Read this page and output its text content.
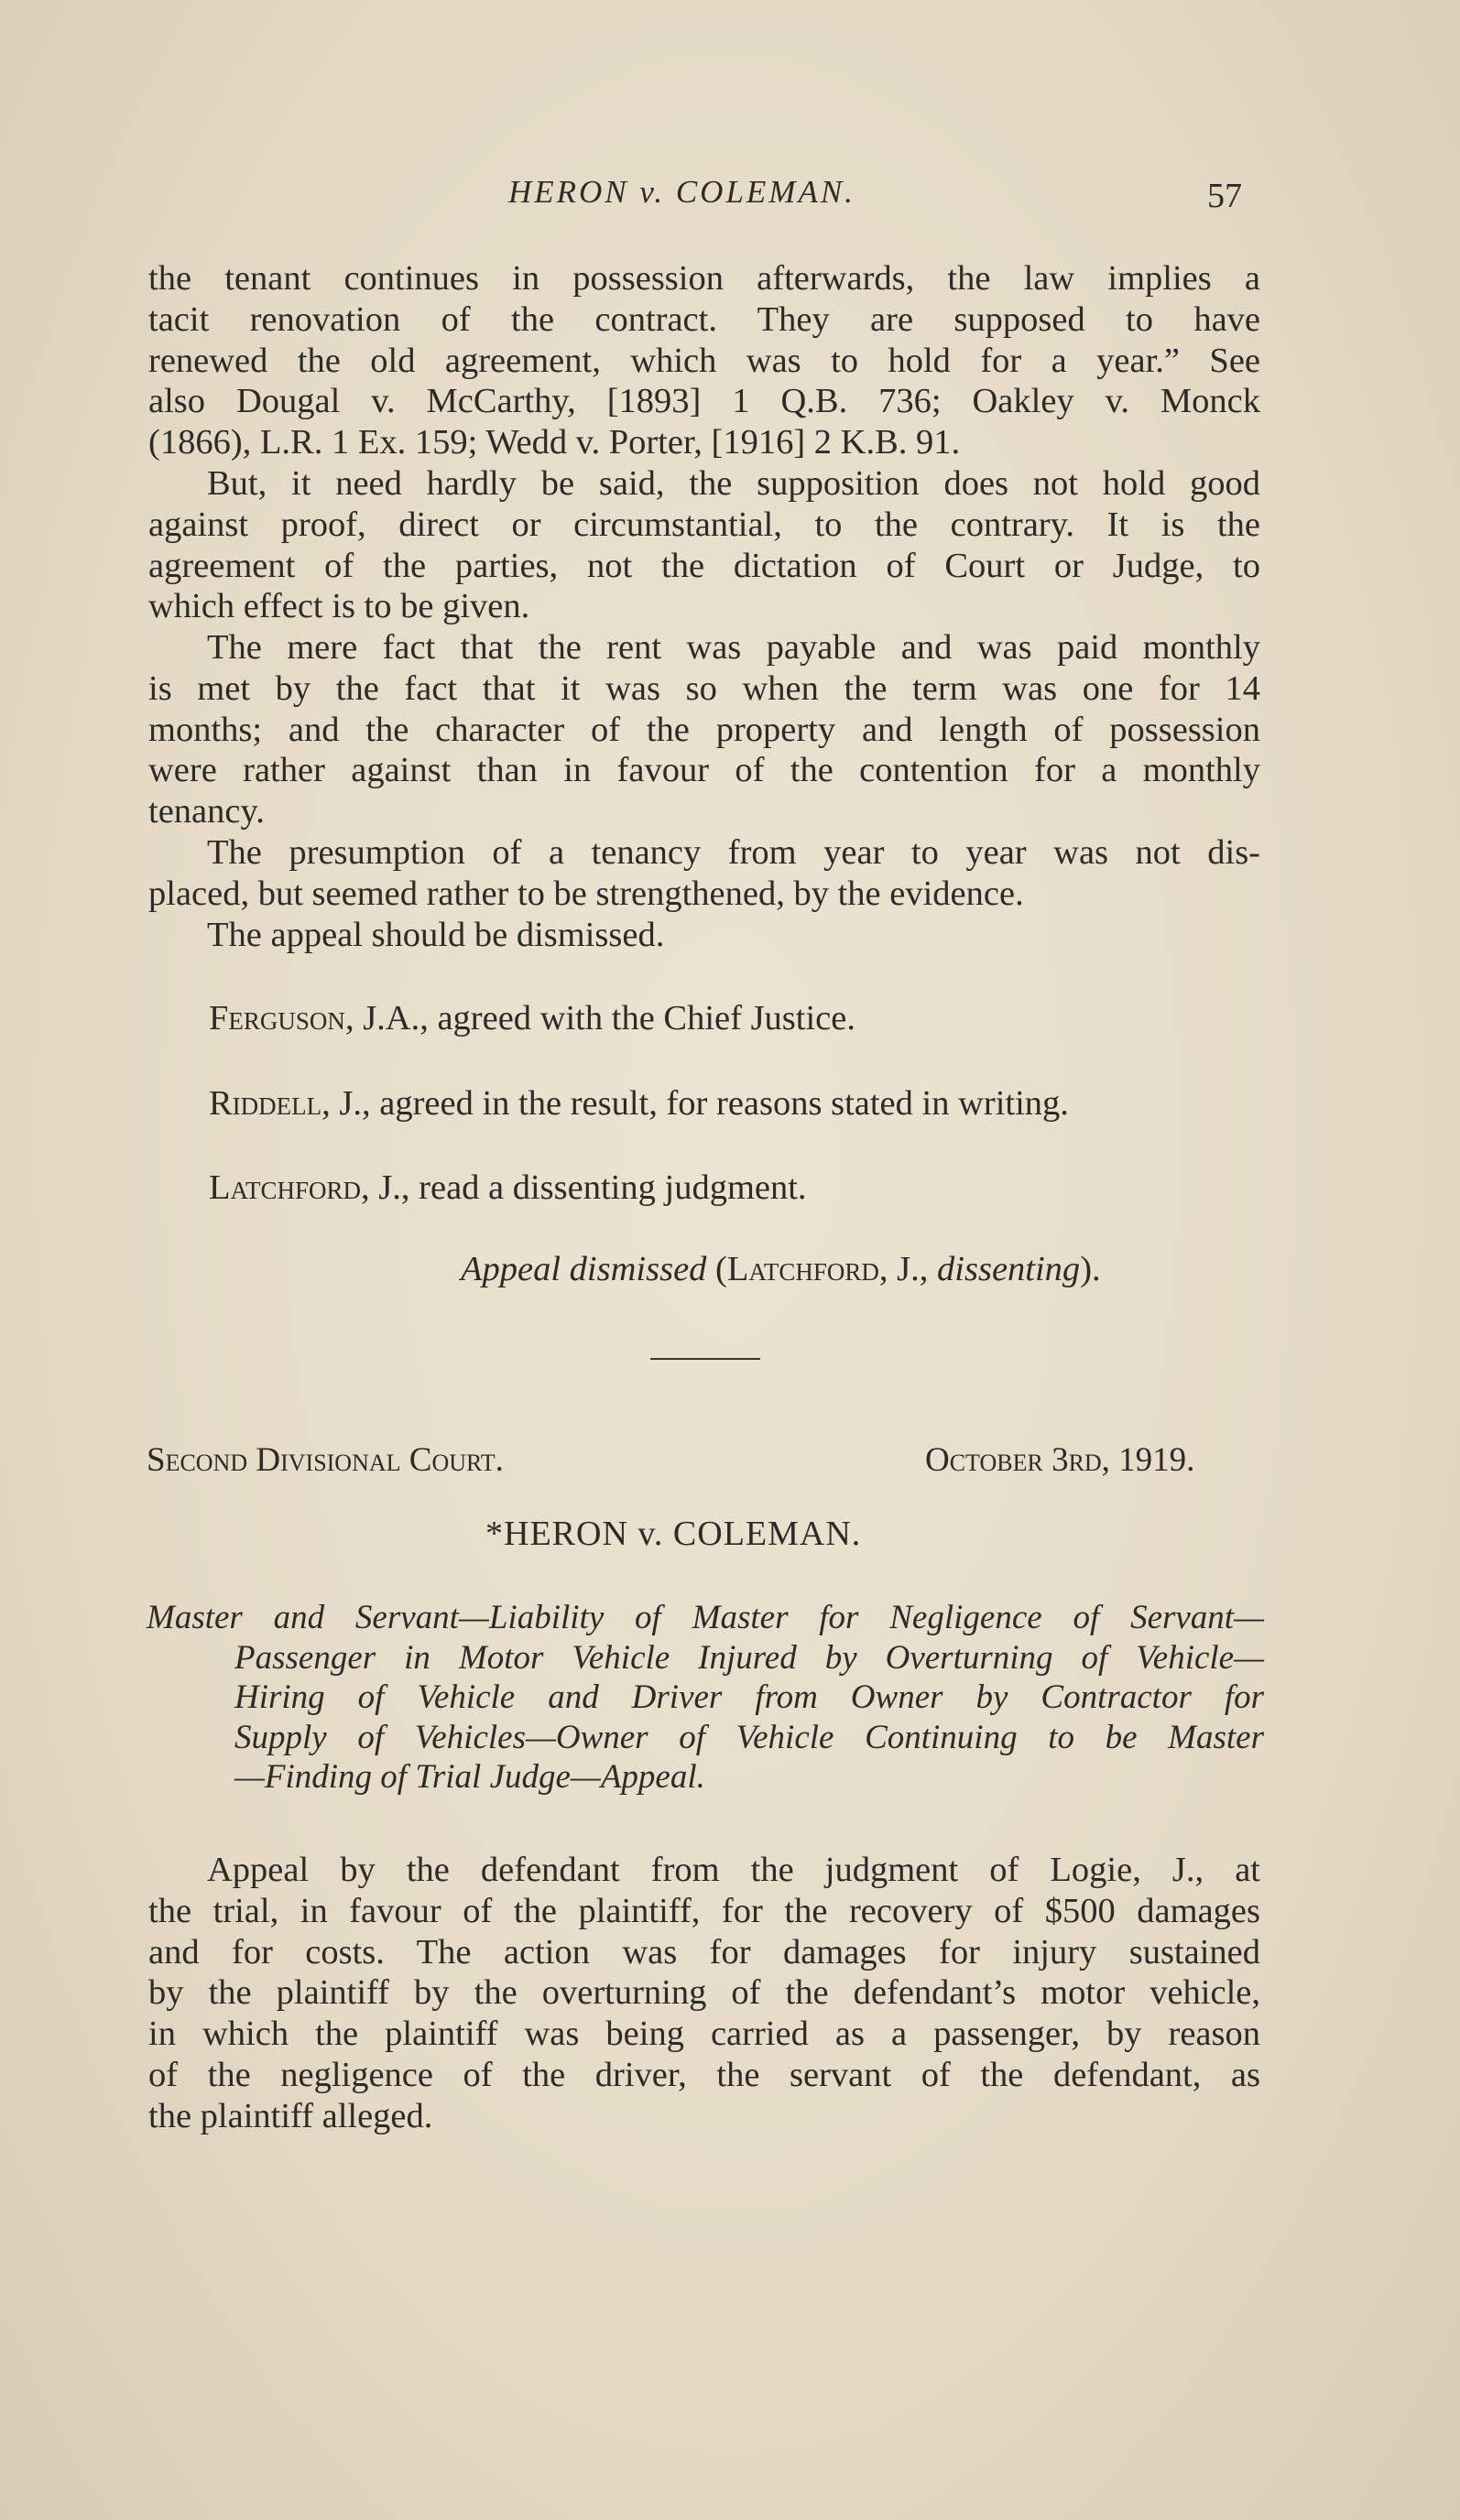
HERON v. COLEMAN.	57
the tenant continues in possession afterwards, the law implies a
tacit renovation of the contract. They are supposed to have
renewed the old agreement, which was to hold for a year.” See
also Dougal v. McCarthy, [1893] 1 Q.B. 736; Oakley v. Monck
(1866), L.R. 1 Ex. 159; Wedd v. Porter, [1916] 2 K.B. 91.
But, it need hardly be said, the supposition does not hold good
against proof, direct or circumstantial, to the contrary. It is the
agreement of the parties, not the dictation of Court or Judge, to
which effect is to be given.
The mere fact that the rent was payable and was paid monthly
is met by the fact that it was so when the term was one for 14
months; and the character of the property and length of possession
were rather against than in favour of the contention for a monthly
tenancy.
The presumption of a tenancy from year to year was not dis-
placed, but seemed rather to be strengthened, by the evidence.
The appeal should be dismissed.
Ferguson, J.A., agreed with the Chief Justice.
Riddell, J., agreed in the result, for reasons stated in writing.
Latchford, J., read a dissenting judgment.
Appeal dismissed (Latchford, J., dissenting).
Second Divisional Court.	October 3rd, 1919.
*HERON v. COLEMAN.
Master and Servant—Liability of Master for Negligence of Servant—
Passenger in Motor Vehicle Injured by Overturning of Vehicle—
Hiring of Vehicle and Driver from Owner by Contractor for
Supply of Vehicles—Owner of Vehicle Continuing to be Master
—Finding of Trial Judge—Appeal.
Appeal by the defendant from the judgment of Logie, J., at
the trial, in favour of the plaintiff, for the recovery of $500 damages
and for costs. The action was for damages for injury sustained
by the plaintiff by the overturning of the defendant’s motor vehicle,
in which the plaintiff was being carried as a passenger, by reason
of the negligence of the driver, the servant of the defendant, as
the plaintiff alleged.
